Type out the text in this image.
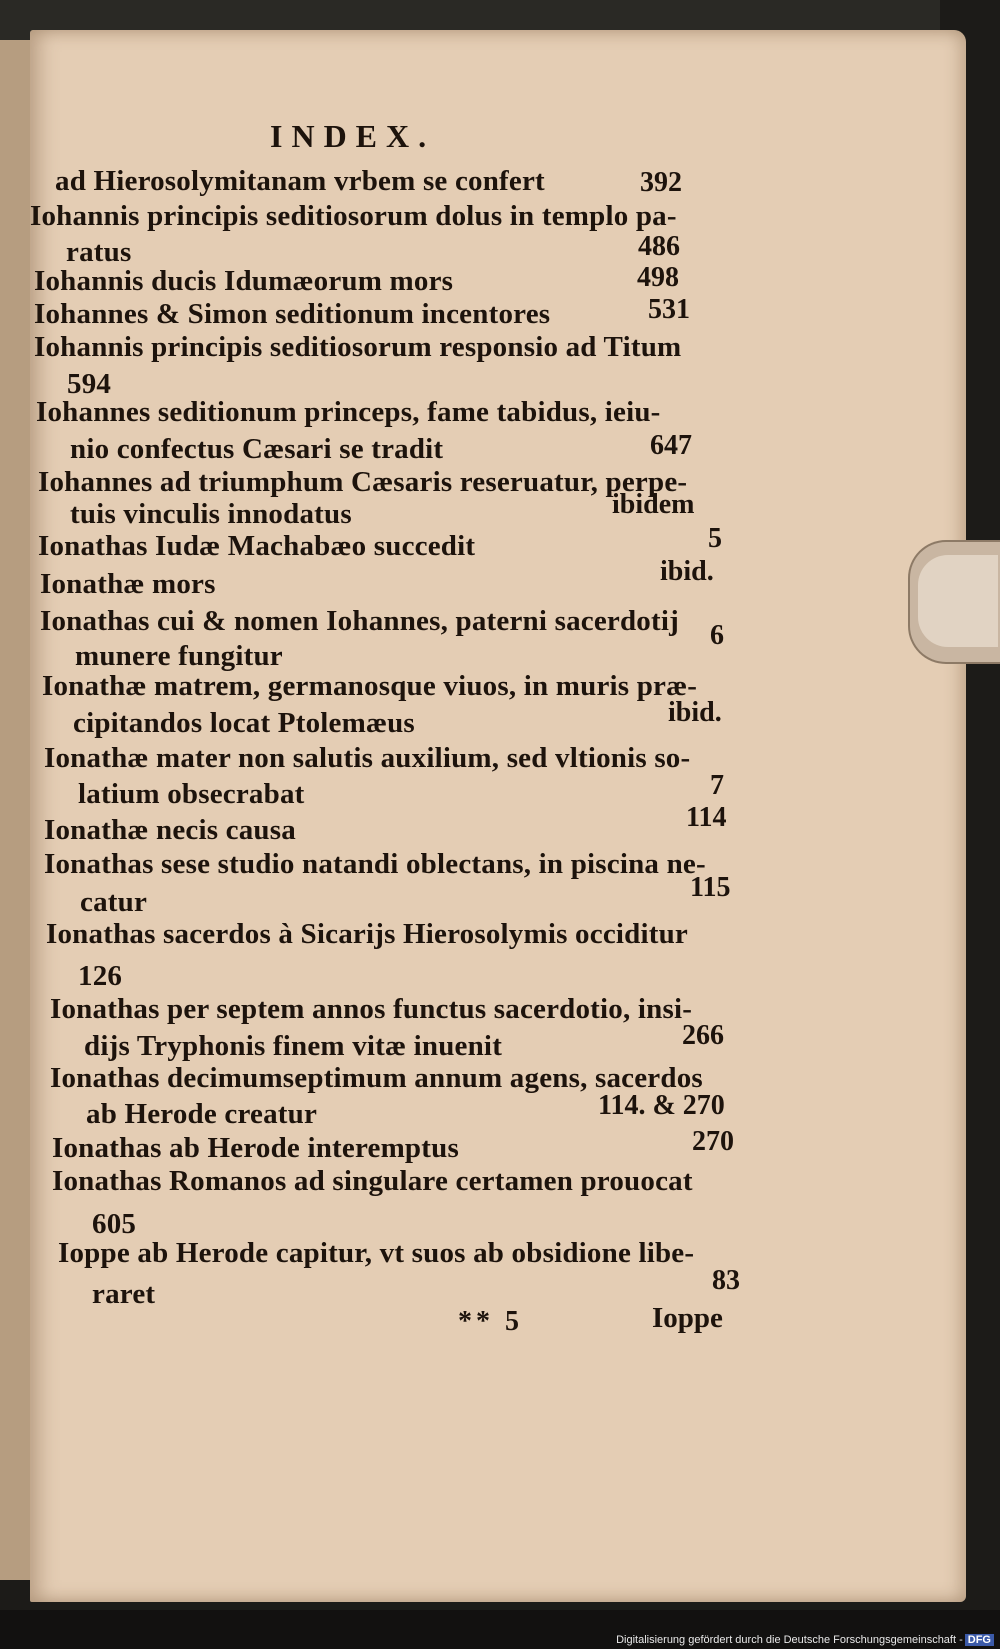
INDEX.
ad Hierosolymitanam vrbem se confert	392
Iohannis principis seditiosorum dolus in templo pa-
ratus	486
Iohannis ducis Idumæorum mors	498
Iohannes & Simon seditionum incentores	531
Iohannis principis seditiosorum responsio ad Titum
594
Iohannes seditionum princeps, fame tabidus, ieiu-
nio confectus Cæsari se tradit	647
Iohannes ad triumphum Cæsaris reseruatur, perpe-
tuis vinculis innodatus	ibidem
Ionathas Iudæ Machabæo succedit	5
Ionathæ mors	ibid.
Ionathas cui & nomen Iohannes, paterni sacerdotij
munere fungitur
6
Ionathæ matrem, germanosque viuos, in muris præ-
cipitandos locat Ptolemæus	ibid.
Ionathæ mater non salutis auxilium, sed vltionis so-
latium obsecrabat	7
Ionathæ necis causa	114
Ionathas sese studio natandi oblectans, in piscina ne-
catur	115
Ionathas sacerdos à Sicarijs Hierosolymis occiditur
126
Ionathas per septem annos functus sacerdotio, insi-
dijs Tryphonis finem vitæ inuenit	266
Ionathas decimumseptimum annum agens, sacerdos
ab Herode creatur	114. & 270
Ionathas ab Herode interemptus	270
Ionathas Romanos ad singulare certamen prouocat
605
Ioppe ab Herode capitur, vt suos ab obsidione libe-
raret	83
** 5	Ioppe
Digitalisierung gefördert durch die Deutsche Forschungsgemeinschaft - DFG
